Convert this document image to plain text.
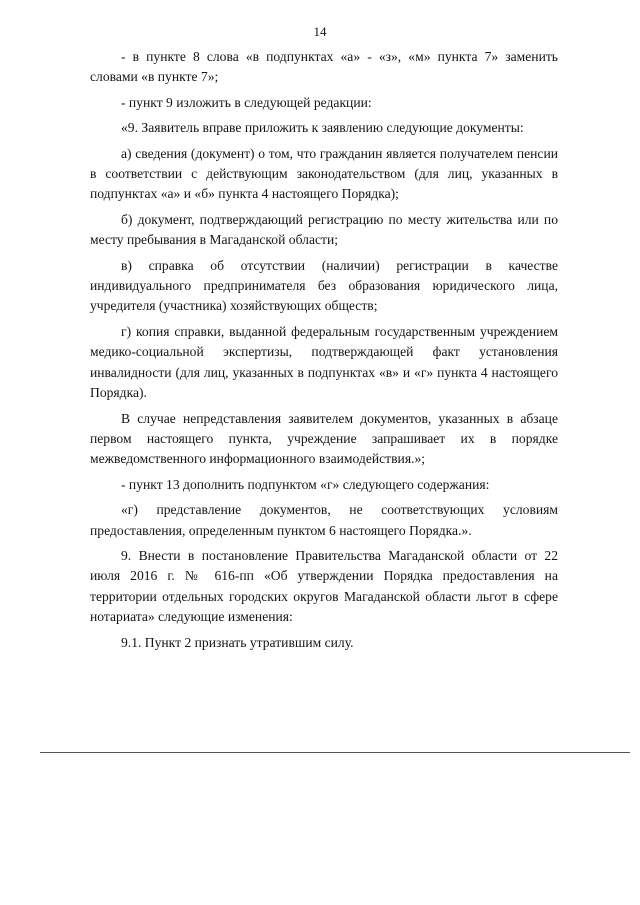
14

- в пункте 8 слова «в подпунктах «а» - «з», «м» пункта 7» заменить словами «в пункте 7»;

- пункт 9 изложить в следующей редакции:

«9. Заявитель вправе приложить к заявлению следующие документы:

а) сведения (документ) о том, что гражданин является получателем пенсии в соответствии с действующим законодательством (для лиц, указанных в подпунктах «а» и «б» пункта 4 настоящего Порядка);

б) документ, подтверждающий регистрацию по месту жительства или по месту пребывания в Магаданской области;

в) справка об отсутствии (наличии) регистрации в качестве индивидуального предпринимателя без образования юридического лица, учредителя (участника) хозяйствующих обществ;

г) копия справки, выданной федеральным государственным учреждением медико-социальной экспертизы, подтверждающей факт установления инвалидности (для лиц, указанных в подпунктах «в» и «г» пункта 4 настоящего Порядка).

В случае непредставления заявителем документов, указанных в абзаце первом настоящего пункта, учреждение запрашивает их в порядке межведомственного информационного взаимодействия.»;

- пункт 13 дополнить подпунктом «г» следующего содержания:

«г) представление документов, не соответствующих условиям предоставления, определенным пунктом 6 настоящего Порядка.».

9. Внести в постановление Правительства Магаданской области от 22 июля 2016 г. № 616-пп «Об утверждении Порядка предоставления на территории отдельных городских округов Магаданской области льгот в сфере нотариата» следующие изменения:

9.1. Пункт 2 признать утратившим силу.
